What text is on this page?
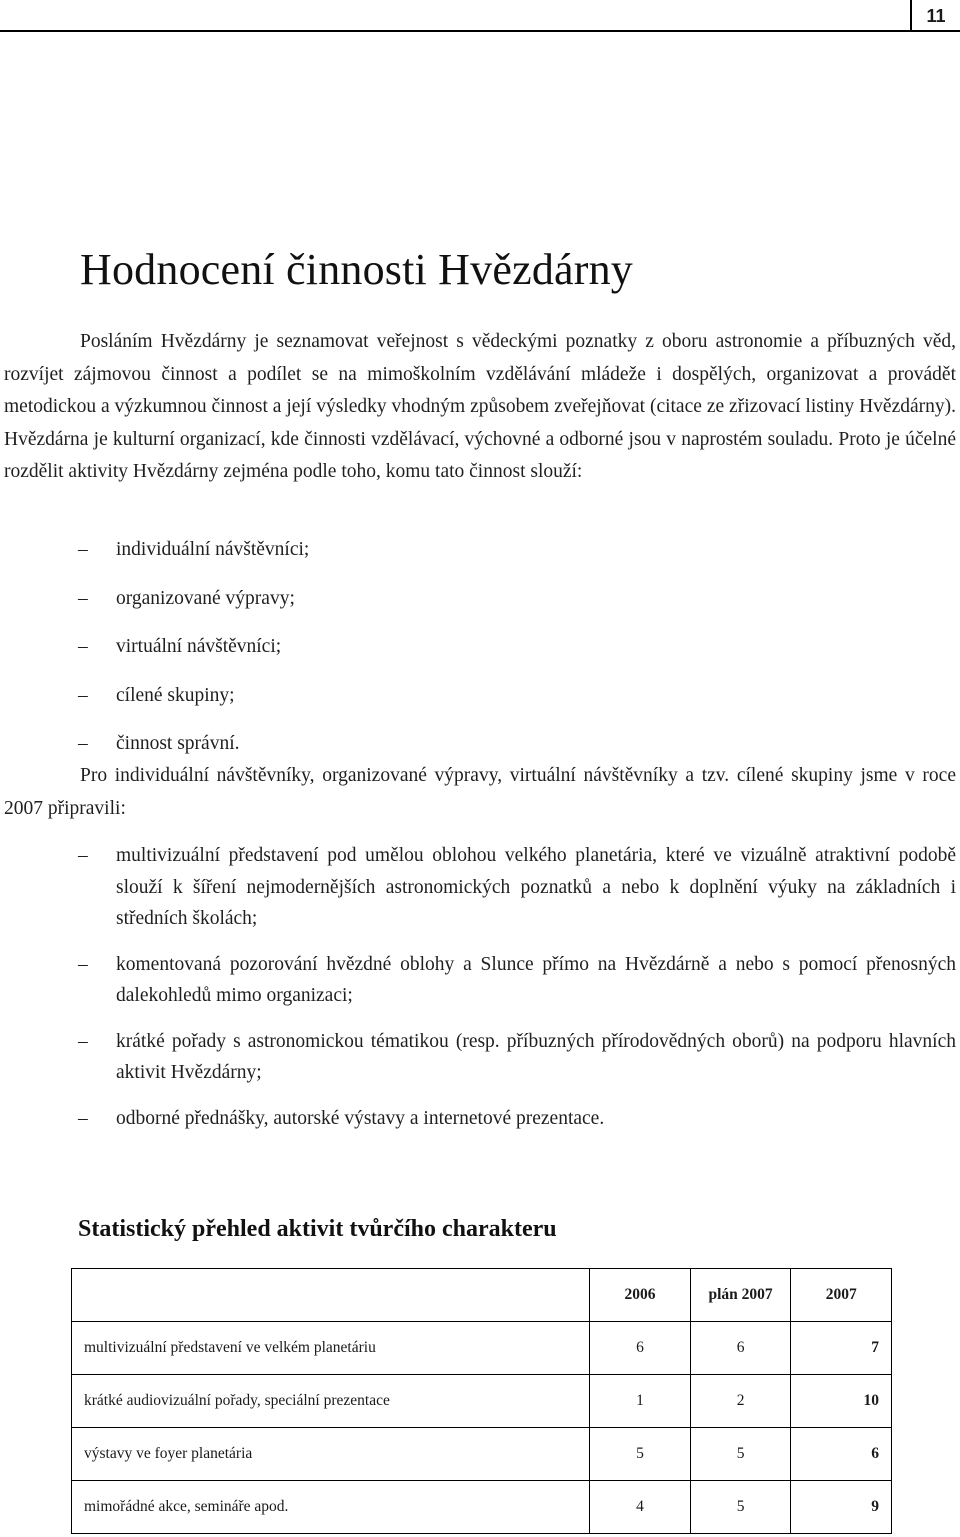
11
Hodnocení činnosti Hvězdárny

Posláním Hvězdárny je seznamovat veřejnost s vědeckými poznatky z oboru astronomie a příbuzných věd, rozvíjet zájmovou činnost a podílet se na mimoškolním vzdělávání mládeže i dospělých, organizovat a provádět metodickou a výzkumnou činnost a její výsledky vhodným způsobem zveřejňovat (citace ze zřizovací listiny Hvězdárny). Hvězdárna je kulturní organizací, kde činnosti vzdělávací, výchovné a odborné jsou v naprostém souladu. Proto je účelné rozdělit aktivity Hvězdárny zejména podle toho, komu tato činnost slouží:

– individuální návštěvníci;
– organizované výpravy;
– virtuální návštěvníci;
– cílené skupiny;
– činnost správní.

Pro individuální návštěvníky, organizované výpravy, virtuální návštěvníky a tzv. cílené skupiny jsme v roce 2007 připravili:

– multivizuální představení pod umělou oblohou velkého planetária, které ve vizuálně atraktivní podobě slouží k šíření nejmodernějších astronomických poznatků a nebo k doplnění výuky na základních i středních školách;
– komentovaná pozorování hvězdné oblohy a Slunce přímo na Hvězdárně a nebo s pomocí přenosných dalekohledů mimo organizaci;
– krátké pořady s astronomickou tématikou (resp. příbuzných přírodovědných oborů) na podporu hlavních aktivit Hvězdárny;
– odborné přednášky, autorské výstavy a internetové prezentace.
Statistický přehled aktivit tvůrčího charakteru
	2006	plán 2007	2007
multivizuální představení ve velkém planetáriu	6	6	7
krátké audiovizuální pořady, speciální prezentace	1	2	10
výstavy ve foyer planetária	5	5	6
mimořádné akce, semináře apod.	4	5	9
